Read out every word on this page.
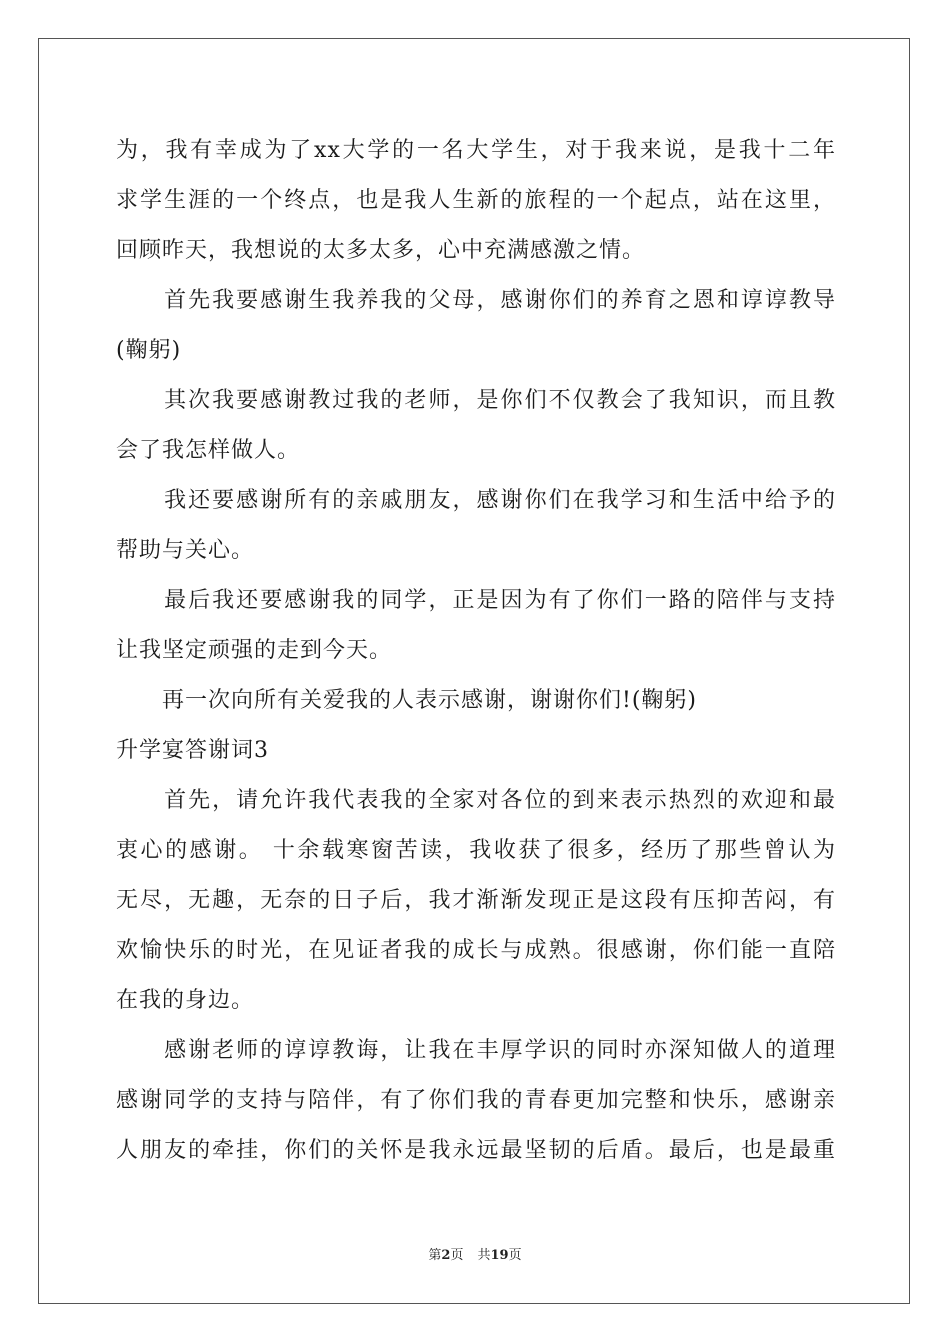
为，我有幸成为了xx大学的一名大学生，对于我来说，是我十二年
求学生涯的一个终点，也是我人生新的旅程的一个起点，站在这里，
回顾昨天，我想说的太多太多，心中充满感激之情。
　　首先我要感谢生我养我的父母，感谢你们的养育之恩和谆谆教导
(鞠躬)
　　其次我要感谢教过我的老师，是你们不仅教会了我知识，而且教
会了我怎样做人。
　　我还要感谢所有的亲戚朋友，感谢你们在我学习和生活中给予的
帮助与关心。
　　最后我还要感谢我的同学，正是因为有了你们一路的陪伴与支持
让我坚定顽强的走到今天。
　　再一次向所有关爱我的人表示感谢，谢谢你们!(鞠躬)
升学宴答谢词3
　　首先，请允许我代表我的全家对各位的到来表示热烈的欢迎和最
衷心的感谢。 十余载寒窗苦读，我收获了很多，经历了那些曾认为
无尽，无趣，无奈的日子后，我才渐渐发现正是这段有压抑苦闷，有
欢愉快乐的时光，在见证者我的成长与成熟。很感谢，你们能一直陪
在我的身边。
　　感谢老师的谆谆教诲，让我在丰厚学识的同时亦深知做人的道理
感谢同学的支持与陪伴，有了你们我的青春更加完整和快乐，感谢亲
人朋友的牵挂，你们的关怀是我永远最坚韧的后盾。最后，也是最重
第2页 共19页
